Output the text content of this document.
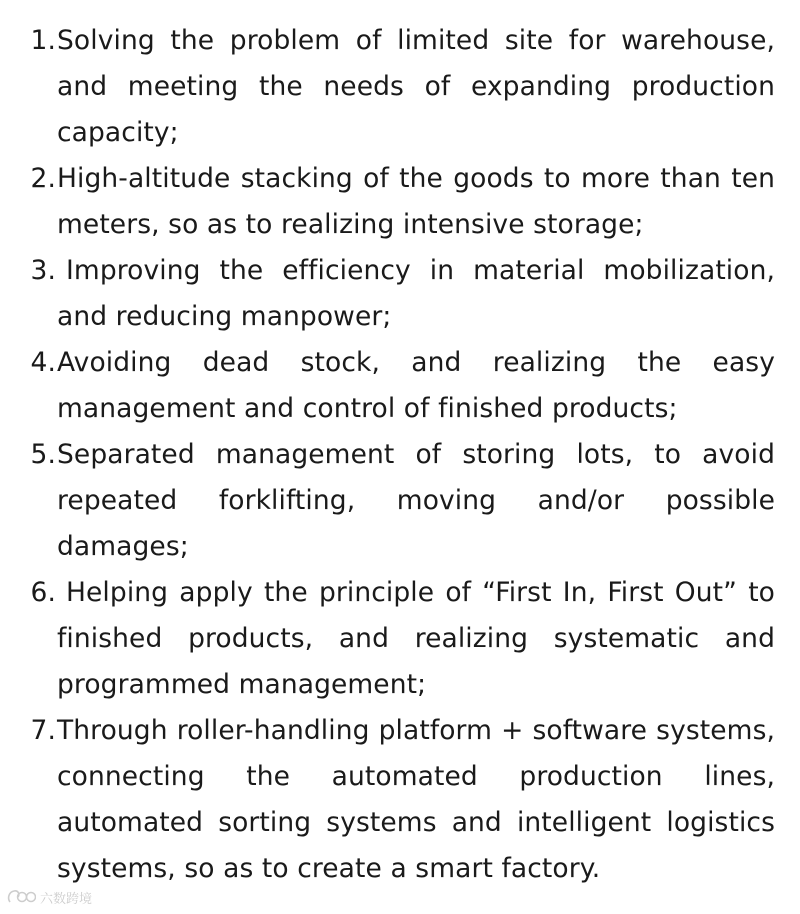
1. Solving the problem of limited site for warehouse, and meeting the needs of expanding production capacity;
2. High-altitude stacking of the goods to more than ten meters, so as to realizing intensive storage;
3. Improving the efficiency in material mobilization, and reducing manpower;
4. Avoiding dead stock, and realizing the easy management and control of finished products;
5. Separated management of storing lots, to avoid repeated forklifting, moving and/or possible damages;
6. Helping apply the principle of “First In, First Out” to finished products, and realizing systematic and programmed management;
7. Through roller-handling platform + software systems, connecting the automated production lines, automated sorting systems and intelligent logistics systems, so as to create a smart factory.
六数跨境
